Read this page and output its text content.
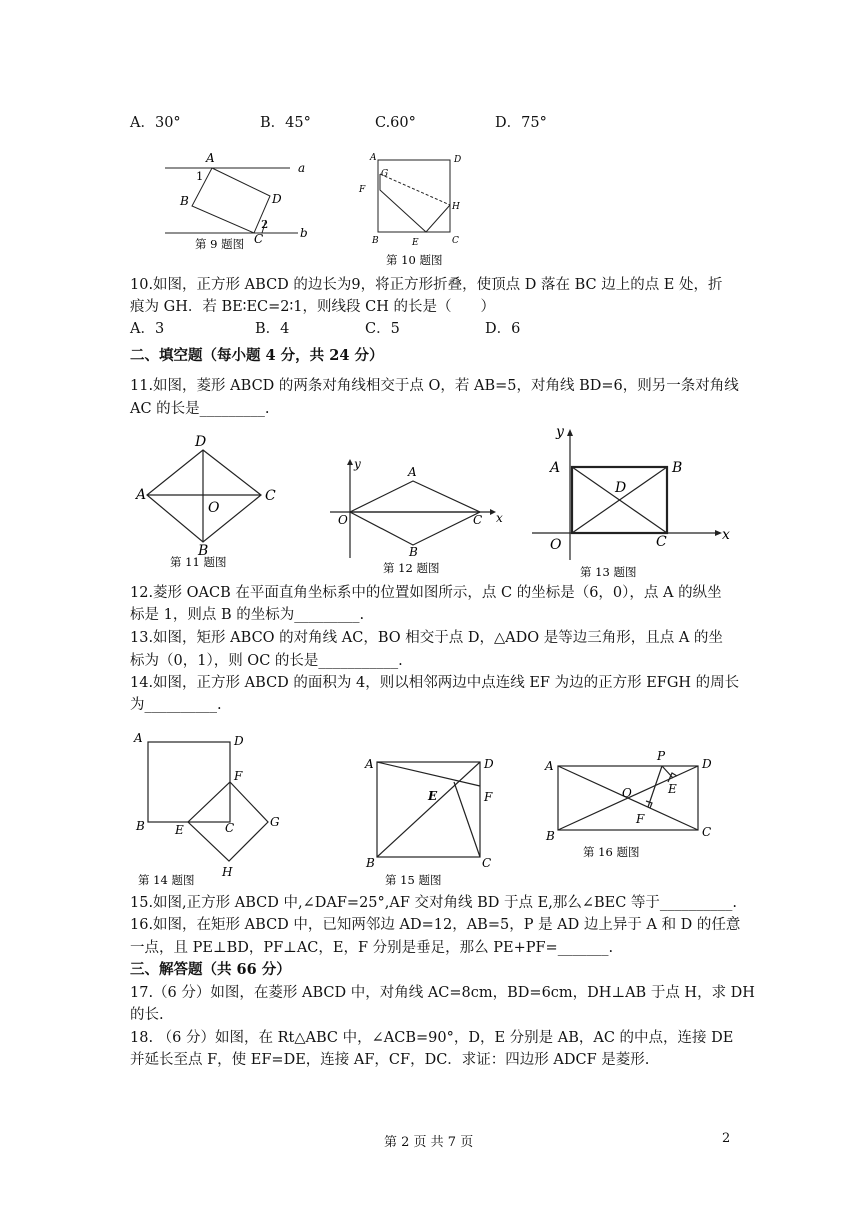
A．30°	B．45°	C.60°	D．75°
A
a
1
B	D
2
C	b
第 9 题图
A	D
G
F
H
B	E	C
第 10 题图
10.如图，正方形 ABCD 的边长为9，将正方形折叠，使顶点 D 落在 BC 边上的点 E 处，折
痕为 GH．若 BE∶EC=2∶1，则线段 CH 的长是（　　）
A．3	B．4	C．5	D．6
二、填空题（每小题 4 分，共 24 分）
11.如图，菱形 ABCD 的两条对角线相交于点 O，若 AB=5，对角线 BD=6，则另一条对角线
AC 的长是_________.
D
A
O
C
B
第 11 题图
y
A
O	C x
B
第 12 题图
y
A	B
D
O	C	x
第 13 题图
12.菱形 OACB 在平面直角坐标系中的位置如图所示，点 C 的坐标是（6，0），点 A 的纵坐
标是 1，则点 B 的坐标为_________.
13.如图，矩形 ABCO 的对角线 AC，BO 相交于点 D，△ADO 是等边三角形，且点 A 的坐
标为（0，1），则 OC 的长是___________.
14.如图，正方形 ABCD 的面积为 4，则以相邻两边中点连线 EF 为边的正方形 EFGH 的周长
为__________.
A	D
F
B	E	C	G
H
第 14 题图
A	D
F
E
B	C
第 15 题图
A
P
D
E
O
F
B	C
第 16 题图
15.如图,正方形 ABCD 中,∠DAF=25°,AF 交对角线 BD 于点 E,那么∠BEC 等于__________.
16.如图，在矩形 ABCD 中，已知两邻边 AD=12，AB=5，P 是 AD 边上异于 A 和 D 的任意
一点，且 PE⊥BD，PF⊥AC，E，F 分别是垂足，那么 PE+PF=_______.
三、解答题（共 66 分）
17.（6 分）如图，在菱形 ABCD 中，对角线 AC=8cm，BD=6cm，DH⊥AB 于点 H，求 DH
的长.
18. （6 分）如图，在 Rt△ABC 中，∠ACB=90°，D，E 分别是 AB，AC 的中点，连接 DE
并延长至点 F，使 EF=DE，连接 AF，CF，DC．求证：四边形 ADCF 是菱形.
第 2 页 共 7 页	2
